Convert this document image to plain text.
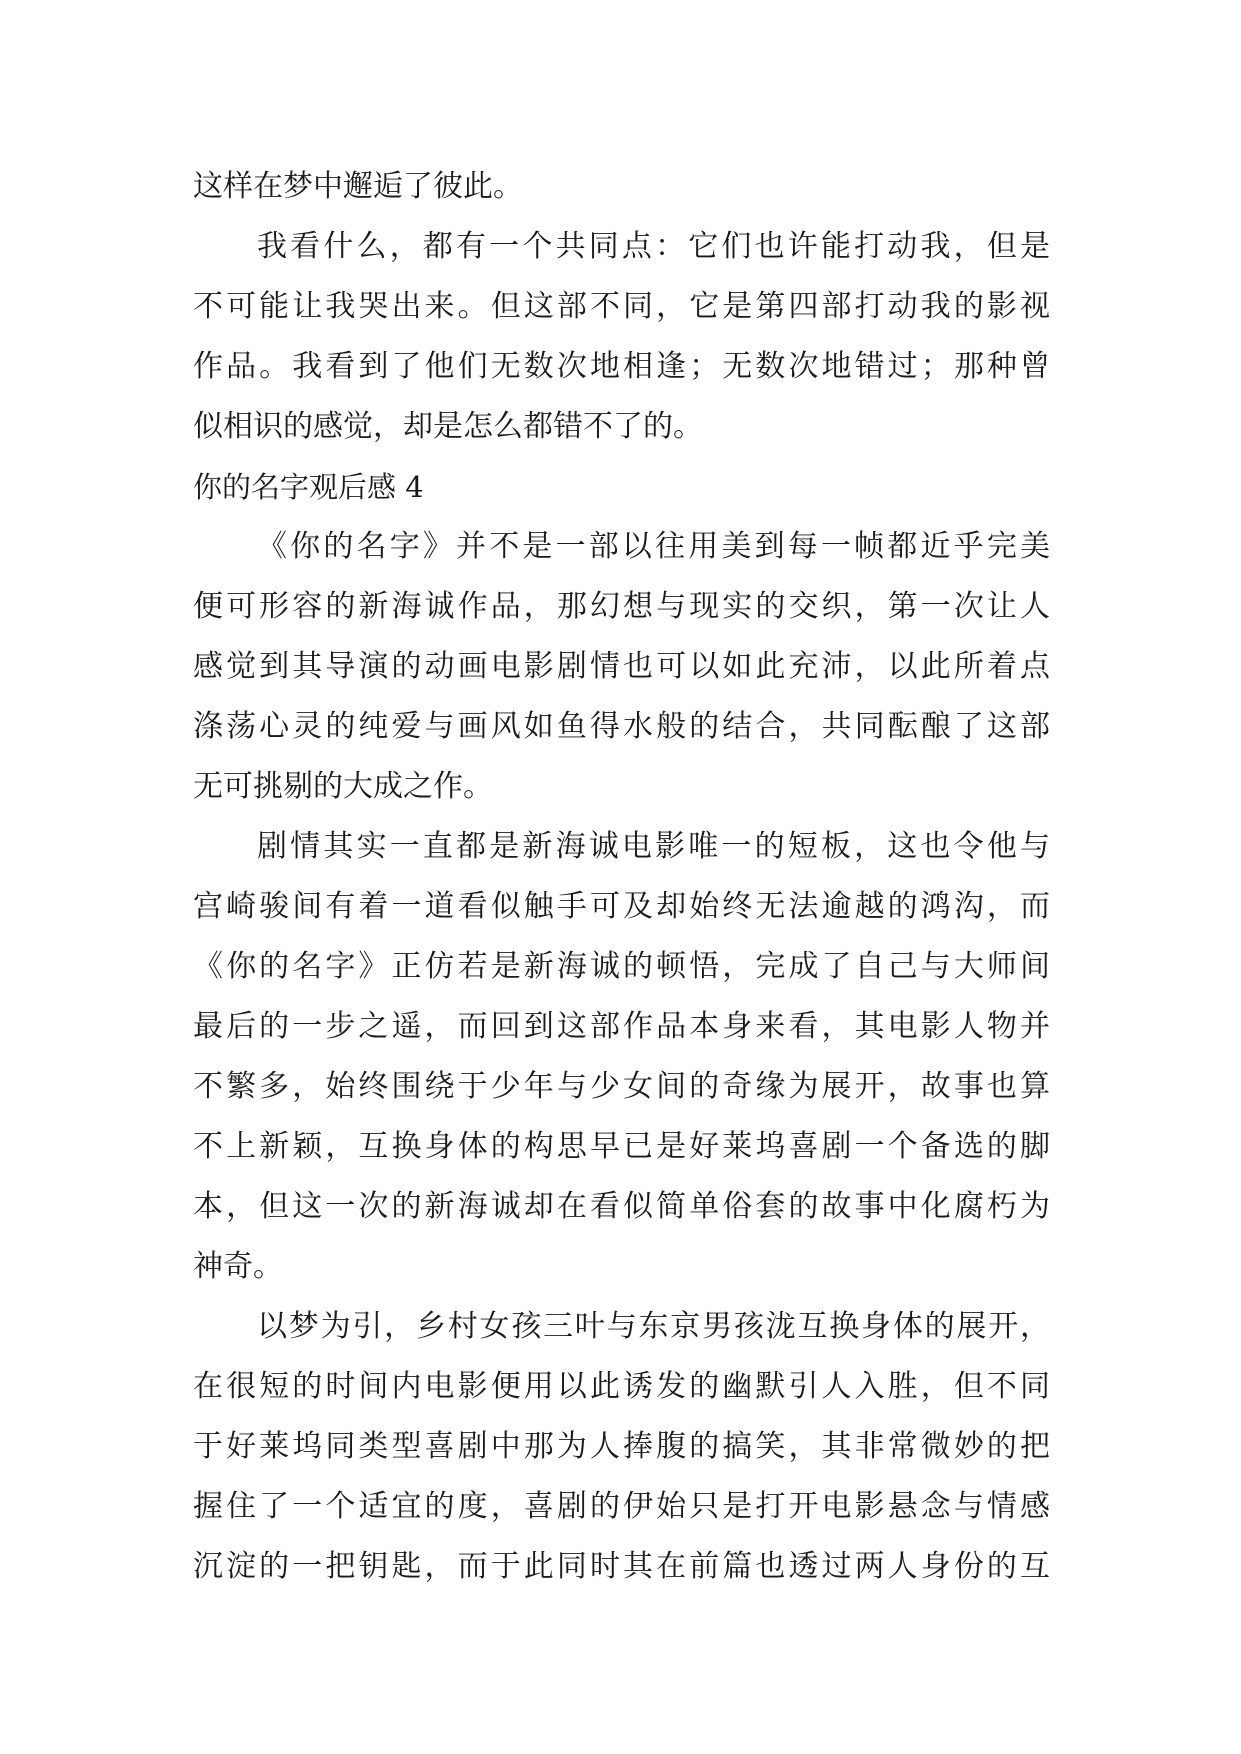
这样在梦中邂逅了彼此。
我看什么，都有一个共同点：它们也许能打动我，但是
不可能让我哭出来。但这部不同，它是第四部打动我的影视
作品。我看到了他们无数次地相逢；无数次地错过；那种曾
似相识的感觉，却是怎么都错不了的。
你的名字观后感 4
《你的名字》并不是一部以往用美到每一帧都近乎完美
便可形容的新海诚作品，那幻想与现实的交织，第一次让人
感觉到其导演的动画电影剧情也可以如此充沛，以此所着点
涤荡心灵的纯爱与画风如鱼得水般的结合，共同酝酿了这部
无可挑剔的大成之作。
剧情其实一直都是新海诚电影唯一的短板，这也令他与
宫崎骏间有着一道看似触手可及却始终无法逾越的鸿沟，而
《你的名字》正仿若是新海诚的顿悟，完成了自己与大师间
最后的一步之遥，而回到这部作品本身来看，其电影人物并
不繁多，始终围绕于少年与少女间的奇缘为展开，故事也算
不上新颖，互换身体的构思早已是好莱坞喜剧一个备选的脚
本，但这一次的新海诚却在看似简单俗套的故事中化腐朽为
神奇。
以梦为引，乡村女孩三叶与东京男孩泷互换身体的展开，
在很短的时间内电影便用以此诱发的幽默引人入胜，但不同
于好莱坞同类型喜剧中那为人捧腹的搞笑，其非常微妙的把
握住了一个适宜的度，喜剧的伊始只是打开电影悬念与情感
沉淀的一把钥匙，而于此同时其在前篇也透过两人身份的互
